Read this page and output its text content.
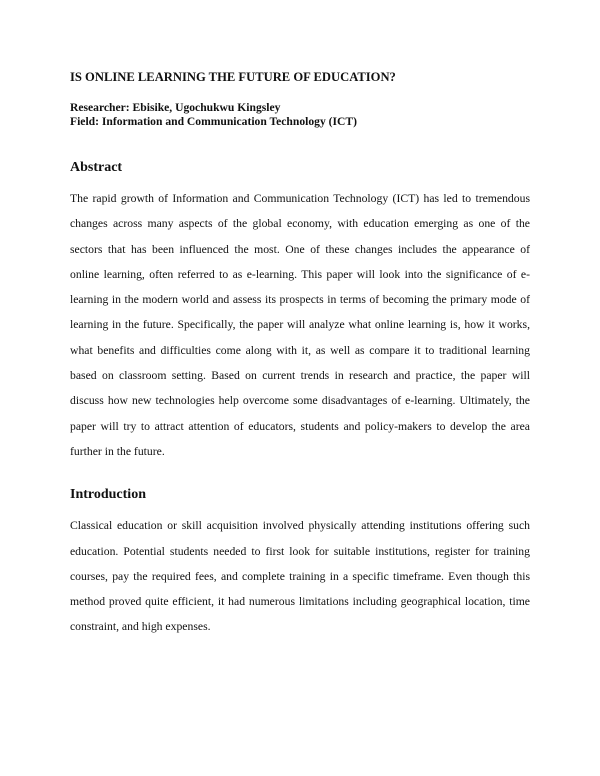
IS ONLINE LEARNING THE FUTURE OF EDUCATION?
Researcher: Ebisike, Ugochukwu Kingsley
Field: Information and Communication Technology (ICT)
Abstract

The rapid growth of Information and Communication Technology (ICT) has led to tremendous
changes across many aspects of the global economy, with education emerging as one of the
sectors that has been influenced the most. One of these changes includes the appearance of
online learning, often referred to as e-learning. This paper will look into the significance of e-
learning in the modern world and assess its prospects in terms of becoming the primary mode of
learning in the future. Specifically, the paper will analyze what online learning is, how it works,
what benefits and difficulties come along with it, as well as compare it to traditional learning
based on classroom setting. Based on current trends in research and practice, the paper will
discuss how new technologies help overcome some disadvantages of e-learning. Ultimately, the
paper will try to attract attention of educators, students and policy-makers to develop the area
further in the future.

Introduction

Classical education or skill acquisition involved physically attending institutions offering such
education. Potential students needed to first look for suitable institutions, register for training
courses, pay the required fees, and complete training in a specific timeframe. Even though this
method proved quite efficient, it had numerous limitations including geographical location, time
constraint, and high expenses.
